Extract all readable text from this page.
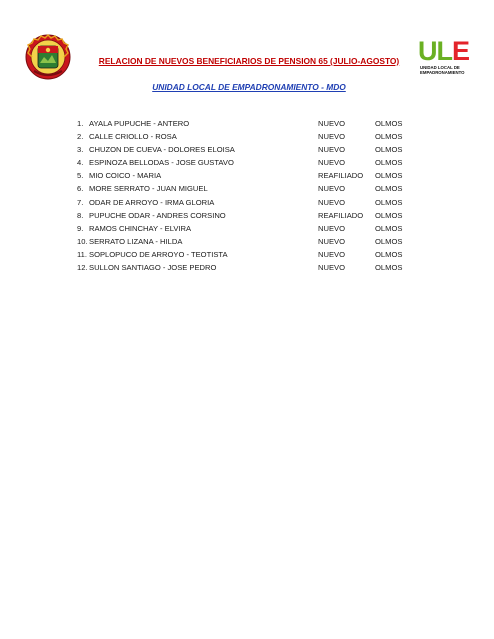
ULE
UNIDAD LOCAL DE
EMPADRONAMIENTO
RELACION DE NUEVOS BENEFICIARIOS DE PENSION 65 (JULIO-AGOSTO)
UNIDAD LOCAL DE EMPADRONAMIENTO - MDO
1. AYALA PUPUCHE - ANTERO	NUEVO	OLMOS
2. CALLE CRIOLLO - ROSA	NUEVO	OLMOS
3. CHUZON DE CUEVA - DOLORES ELOISA	NUEVO	OLMOS
4. ESPINOZA BELLODAS - JOSE GUSTAVO	NUEVO	OLMOS
5. MIO COICO - MARIA	REAFILIADO OLMOS
6. MORE SERRATO - JUAN MIGUEL	NUEVO	OLMOS
7. ODAR DE ARROYO - IRMA GLORIA	NUEVO	OLMOS
8. PUPUCHE ODAR - ANDRES CORSINO	REAFILIADO OLMOS
9. RAMOS CHINCHAY - ELVIRA	NUEVO	OLMOS
10. SERRATO LIZANA - HILDA	NUEVO	OLMOS
11. SOPLOPUCO DE ARROYO - TEOTISTA	NUEVO	OLMOS
12. SULLON SANTIAGO - JOSE PEDRO	NUEVO	OLMOS
